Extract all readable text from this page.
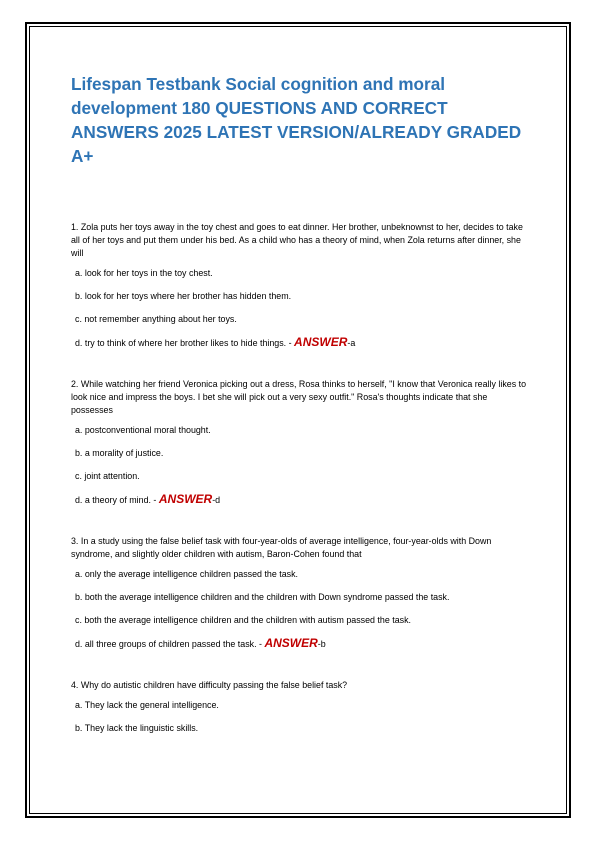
Lifespan Testbank Social cognition and moral development 180 QUESTIONS AND CORRECT ANSWERS 2025 LATEST VERSION/ALREADY GRADED A+

1. Zola puts her toys away in the toy chest and goes to eat dinner. Her brother, unbeknownst to her, decides to take all of her toys and put them under his bed. As a child who has a theory of mind, when Zola returns after dinner, she will

a. look for her toys in the toy chest.
b. look for her toys where her brother has hidden them.
c. not remember anything about her toys.
d. try to think of where her brother likes to hide things. - ANSWER-a

2. While watching her friend Veronica picking out a dress, Rosa thinks to herself, "I know that Veronica really likes to look nice and impress the boys. I bet she will pick out a very sexy outfit." Rosa's thoughts indicate that she possesses

a. postconventional moral thought.
b. a morality of justice.
c. joint attention.
d. a theory of mind. - ANSWER-d

3. In a study using the false belief task with four-year-olds of average intelligence, four-year-olds with Down syndrome, and slightly older children with autism, Baron-Cohen found that

a. only the average intelligence children passed the task.
b. both the average intelligence children and the children with Down syndrome passed the task.
c. both the average intelligence children and the children with autism passed the task.
d. all three groups of children passed the task. - ANSWER-b

4. Why do autistic children have difficulty passing the false belief task?

a. They lack the general intelligence.
b. They lack the linguistic skills.
